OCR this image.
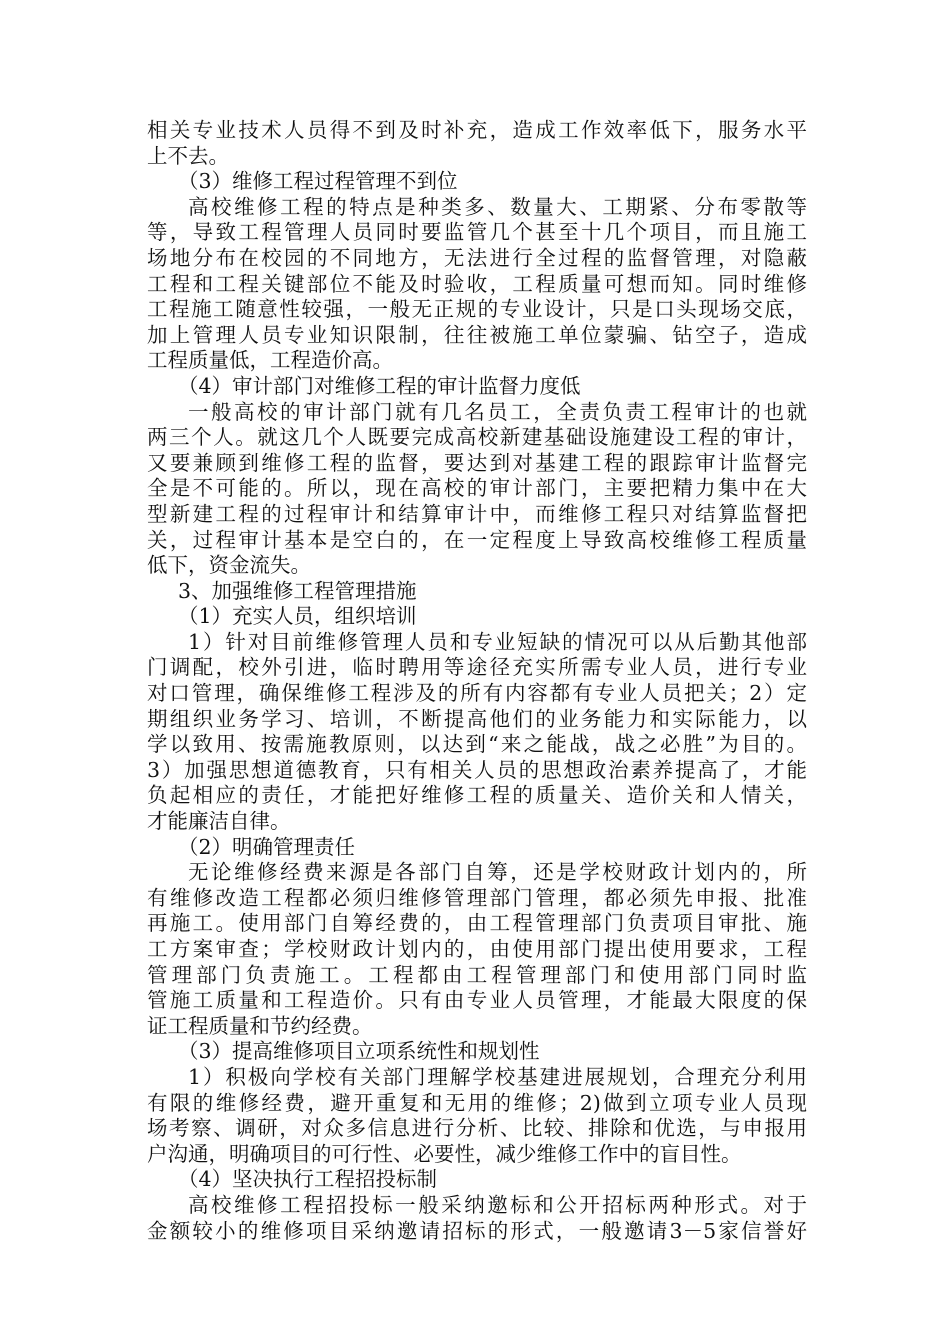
相关专业技术人员得不到及时补充，造成工作效率低下，服务水平
上不去。
（3）维修工程过程管理不到位
高校维修工程的特点是种类多、数量大、工期紧、分布零散等
等，导致工程管理人员同时要监管几个甚至十几个项目，而且施工
场地分布在校园的不同地方，无法进行全过程的监督管理，对隐蔽
工程和工程关键部位不能及时验收，工程质量可想而知。同时维修
工程施工随意性较强，一般无正规的专业设计，只是口头现场交底，
加上管理人员专业知识限制，往往被施工单位蒙骗、钻空子，造成
工程质量低，工程造价高。
（4）审计部门对维修工程的审计监督力度低
一般高校的审计部门就有几名员工，全责负责工程审计的也就
两三个人。就这几个人既要完成高校新建基础设施建设工程的审计，
又要兼顾到维修工程的监督，要达到对基建工程的跟踪审计监督完
全是不可能的。所以，现在高校的审计部门，主要把精力集中在大
型新建工程的过程审计和结算审计中，而维修工程只对结算监督把
关，过程审计基本是空白的，在一定程度上导致高校维修工程质量
低下，资金流失。
3、加强维修工程管理措施
（1）充实人员，组织培训
1）针对目前维修管理人员和专业短缺的情况可以从后勤其他部
门调配，校外引进，临时聘用等途径充实所需专业人员，进行专业
对口管理，确保维修工程涉及的所有内容都有专业人员把关；2）定
期组织业务学习、培训，不断提高他们的业务能力和实际能力，以
学以致用、按需施教原则，以达到“来之能战，战之必胜”为目的。
3）加强思想道德教育，只有相关人员的思想政治素养提高了，才能
负起相应的责任，才能把好维修工程的质量关、造价关和人情关，
才能廉洁自律。
（2）明确管理责任
无论维修经费来源是各部门自筹，还是学校财政计划内的，所
有维修改造工程都必须归维修管理部门管理，都必须先申报、批准
再施工。使用部门自筹经费的，由工程管理部门负责项目审批、施
工方案审查；学校财政计划内的，由使用部门提出使用要求，工程
管理部门负责施工。工程都由工程管理部门和使用部门同时监
管施工质量和工程造价。只有由专业人员管理，才能最大限度的保
证工程质量和节约经费。
（3）提高维修项目立项系统性和规划性
1）积极向学校有关部门理解学校基建进展规划，合理充分利用
有限的维修经费，避开重复和无用的维修；2)做到立项专业人员现
场考察、调研，对众多信息进行分析、比较、排除和优选，与申报用
户沟通，明确项目的可行性、必要性，减少维修工作中的盲目性。
（4）坚决执行工程招投标制
高校维修工程招投标一般采纳邀标和公开招标两种形式。对于
金额较小的维修项目采纳邀请招标的形式，一般邀请3－5家信誉好
